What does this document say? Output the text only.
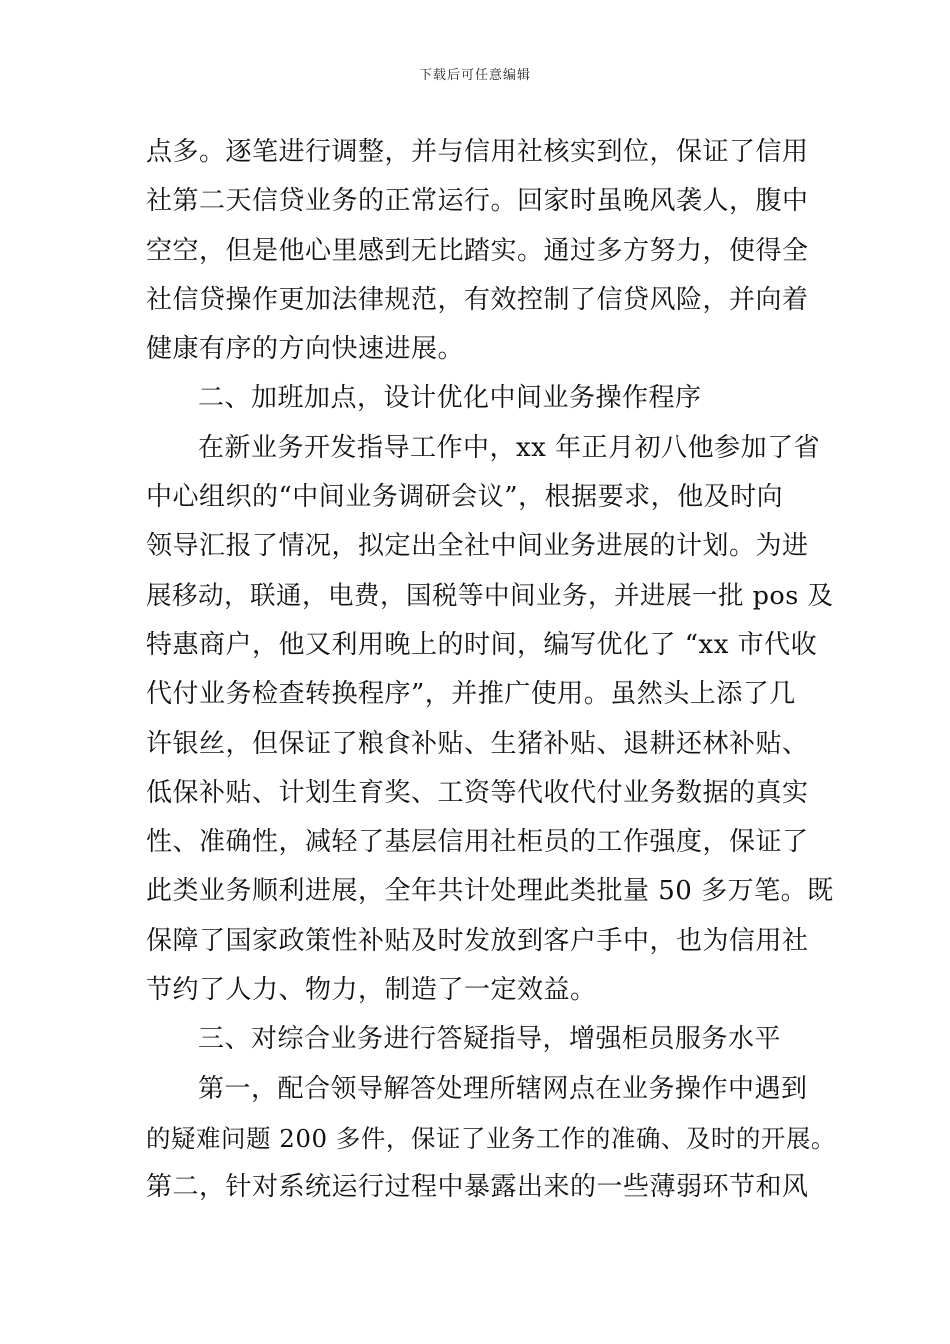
下载后可任意编辑
点多。逐笔进行调整，并与信用社核实到位，保证了信用
社第二天信贷业务的正常运行。回家时虽晚风袭人，腹中
空空，但是他心里感到无比踏实。通过多方努力，使得全
社信贷操作更加法律规范，有效控制了信贷风险，并向着
健康有序的方向快速进展。
二、加班加点，设计优化中间业务操作程序
在新业务开发指导工作中，xx 年正月初八他参加了省
中心组织的“中间业务调研会议”，根据要求，他及时向
领导汇报了情况，拟定出全社中间业务进展的计划。为进
展移动，联通，电费，国税等中间业务，并进展一批 pos 及
特惠商户，他又利用晚上的时间，编写优化了 “xx 市代收
代付业务检查转换程序”，并推广使用。虽然头上添了几
许银丝，但保证了粮食补贴、生猪补贴、退耕还林补贴、
低保补贴、计划生育奖、工资等代收代付业务数据的真实
性、准确性，减轻了基层信用社柜员的工作强度，保证了
此类业务顺利进展，全年共计处理此类批量 50 多万笔。既
保障了国家政策性补贴及时发放到客户手中，也为信用社
节约了人力、物力，制造了一定效益。
三、对综合业务进行答疑指导，增强柜员服务水平
第一，配合领导解答处理所辖网点在业务操作中遇到
的疑难问题 200 多件，保证了业务工作的准确、及时的开展。
第二，针对系统运行过程中暴露出来的一些薄弱环节和风
